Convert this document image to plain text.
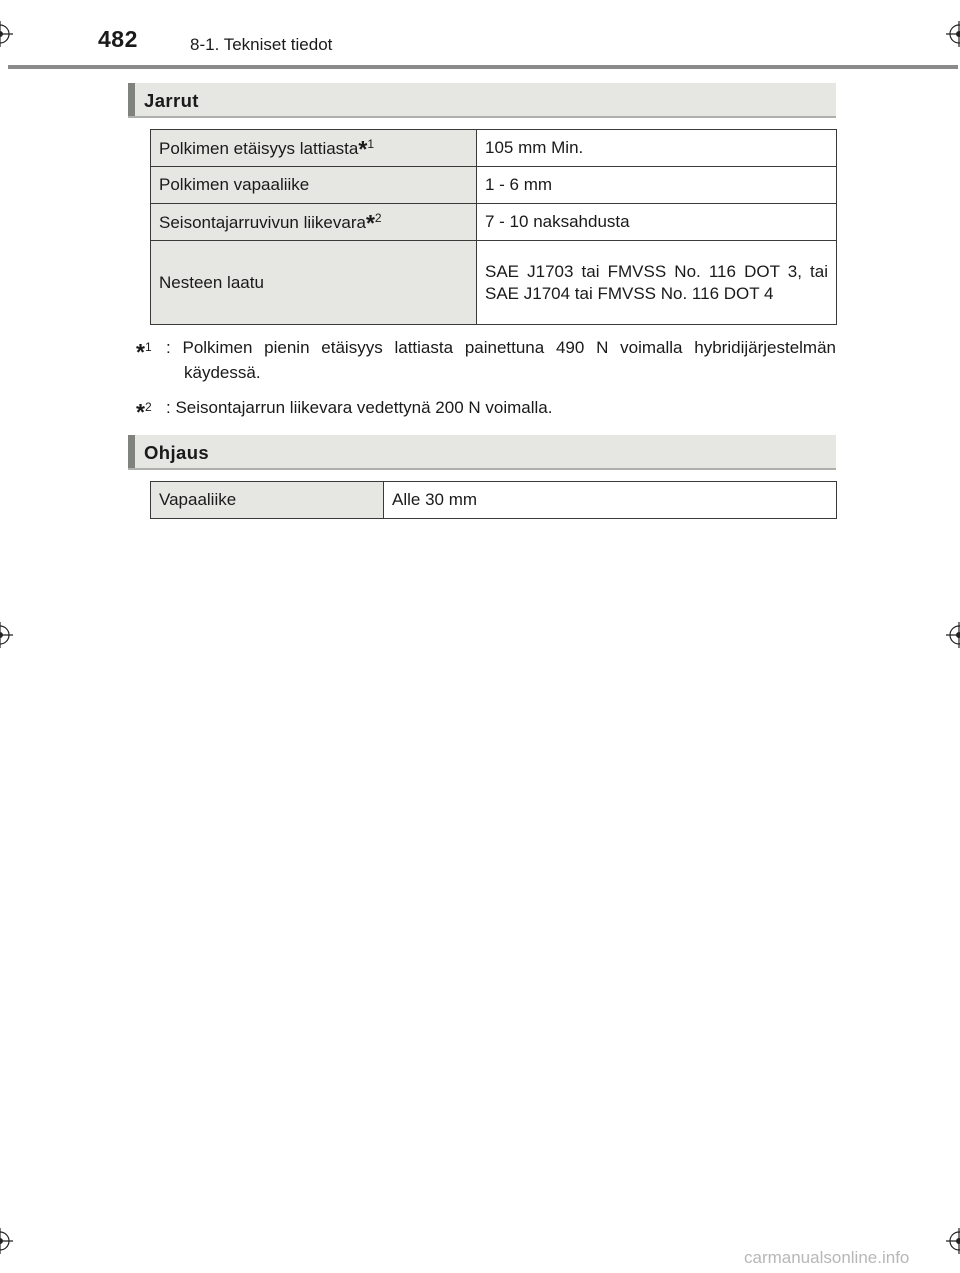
482	8-1. Tekniset tiedot
Jarrut
Polkimen etäisyys lattiasta*$^1$	105 mm Min.
Polkimen vapaaliike	1 - 6 mm
Seisontajarruvivun liikevara*$^2$	7 - 10 naksahdusta
Nesteen laatu	SAE J1703 tai FMVSS No. 116 DOT 3, tai SAE J1704 tai FMVSS No. 116 DOT 4
*$^1$ : Polkimen pienin etäisyys lattiasta painettuna 490 N voimalla hybridijärjestelmän käydessä.
*$^2$ : Seisontajarrun liikevara vedettynä 200 N voimalla.
Ohjaus
Vapaaliike	Alle 30 mm
carmanualsonline.info
